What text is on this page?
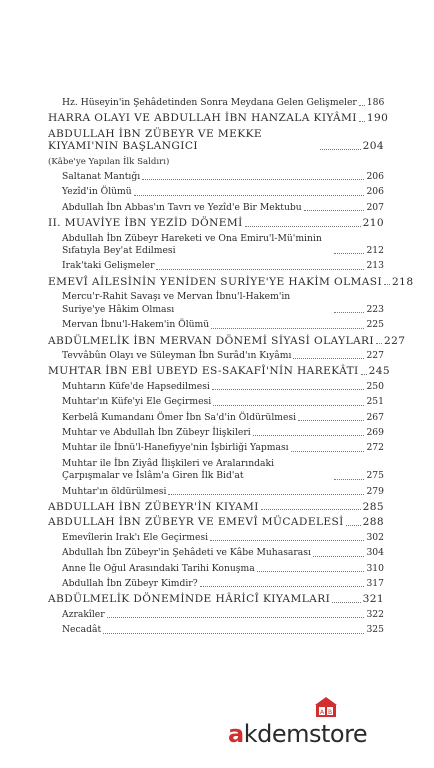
Hz. Hüseyin'in Şehâdetinden Sonra Meydana Gelen Gelişmeler 186
HARRA OLAYI VE ABDULLAH İBN HANZALA KIYÂMI 190
ABDULLAH İBN ZÜBEYR VE MEKKE KIYAMI'NIN BAŞLANGICI	204
(Kâbe'ye Yapılan İlk Saldırı)
Saltanat Mantığı	206
Yezîd'in Ölümü	206
Abdullah İbn Abbas'ın Tavrı ve Yezîd'e Bir Mektubu	207
II. MUAVİYE İBN YEZİD DÖNEMİ	210
Abdullah İbn Zübeyr Hareketi ve Ona Emiru'l-Mü'minin Sıfatıyla Bey'at Edilmesi	212
Irak'taki Gelişmeler	213
EMEVÎ AİLESİNİN YENİDEN SURİYE'YE HAKİM OLMASI 218
Mercu'r-Rahit Savaşı ve Mervan İbnu'l-Hakem'in Suriye'ye Hâkim Olması	223
Mervan İbnu'l-Hakem'in Ölümü	225
ABDÜLMELİK İBN MERVAN DÖNEMİ SİYASİ OLAYLARI 227
Tevvâbûn Olayı ve Süleyman İbn Surâd'ın Kıyâmı	227
MUHTAR İBN EBİ UBEYD ES-SAKAFÎ'NİN HAREKÂTI 245
Muhtarın Küfe'de Hapsedilmesi	250
Muhtar'ın Küfe'yi Ele Geçirmesi	251
Kerbelâ Kumandanı Ömer İbn Sa'd'in Öldürülmesi	267
Muhtar ve Abdullah İbn Zübeyr İlişkileri	269
Muhtar ile İbnü'l-Hanefiyye'nin İşbirliği Yapması	272
Muhtar ile İbn Ziyâd İlişkileri ve Aralarındaki Çarpışmalar ve İslâm'a Giren İlk Bid'at	275
Muhtar'ın öldürülmesi	279
ABDULLAH İBN ZÜBEYR'İN KIYAMI	285
ABDULLAH İBN ZÜBEYR VE EMEVÎ MÜCADELESİ 288
Emevîlerin Irak'ı Ele Geçirmesi	302
Abdullah İbn Zübeyr'in Şehâdeti ve Kâbe Muhasarası	304
Anne İle Oğul Arasındaki Tarihi Konuşma	310
Abdullah İbn Zübeyr Kimdir?	317
ABDÜLMELİK DÖNEMİNDE HÂRİCÎ KIYAMLARI	321
Azrakîler	322
Necadât	325
A B
akdemstore
